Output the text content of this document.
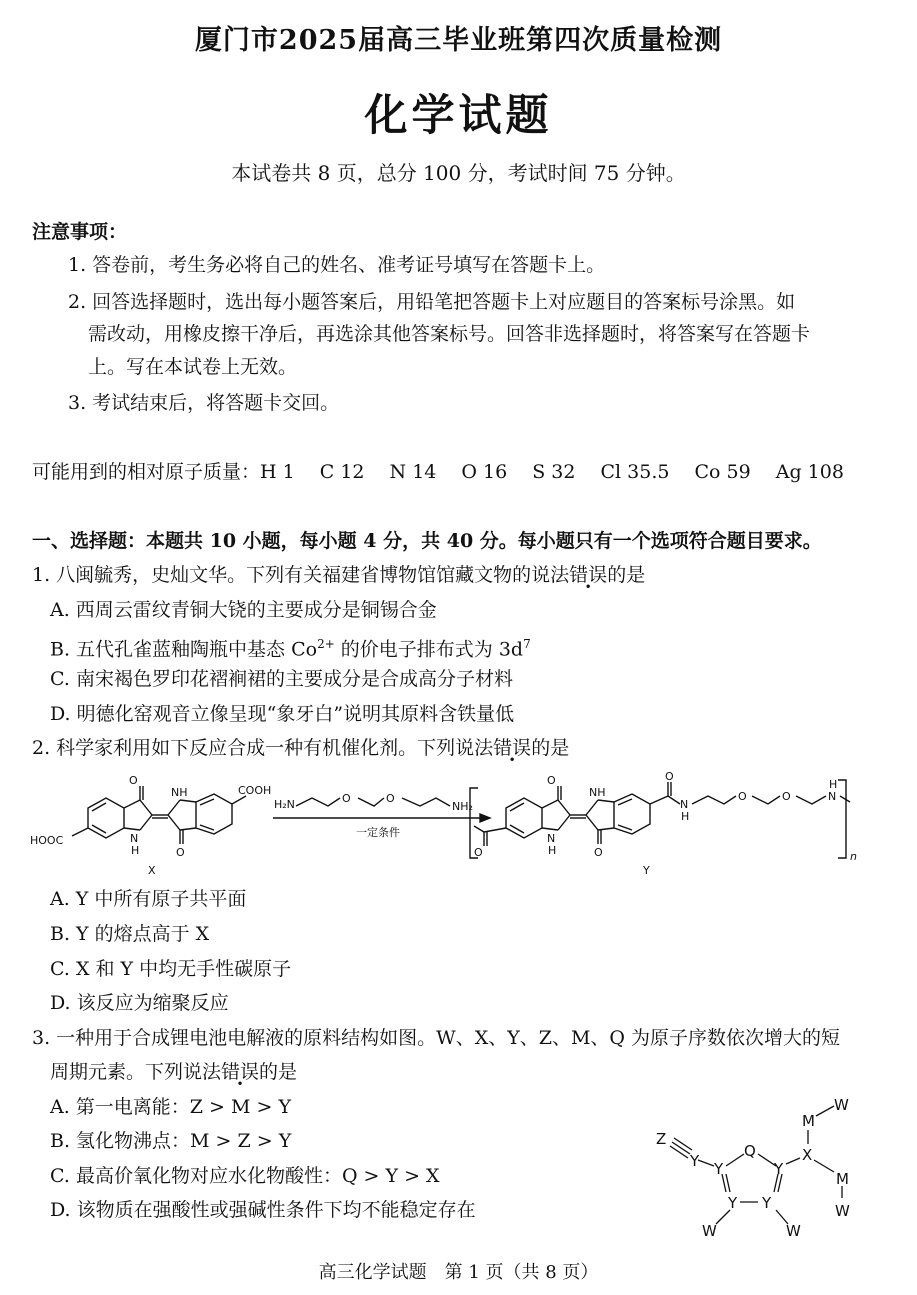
厦门市2025届高三毕业班第四次质量检测
化学试题
本试卷共 8 页，总分 100 分，考试时间 75 分钟。
注意事项：
1. 答卷前，考生务必将自己的姓名、准考证号填写在答题卡上。
2. 回答选择题时，选出每小题答案后，用铅笔把答题卡上对应题目的答案标号涂黑。如
需改动，用橡皮擦干净后，再选涂其他答案标号。回答非选择题时，将答案写在答题卡
上。写在本试卷上无效。
3. 考试结束后，将答题卡交回。
可能用到的相对原子质量：H 1　 C 12　 N 14　 O 16　 S 32　 Cl 35.5　 Co 59　 Ag 108
一、选择题：本题共 10 小题，每小题 4 分，共 40 分。每小题只有一个选项符合题目要求。
1. 八闽毓秀，史灿文华。下列有关福建省博物馆馆藏文物的说法错误的是
A. 西周云雷纹青铜大铙的主要成分是铜锡合金
B. 五代孔雀蓝釉陶瓶中基态 $Co^{2+}$ 的价电子排布式为 $3d^7$
C. 南宋褐色罗印花褶裥裙的主要成分是合成高分子材料
D. 明德化窑观音立像呈现“象牙白”说明其原料含铁量低
2. 科学家利用如下反应合成一种有机催化剂。下列说法错误的是
O
NH
N
H	O
COOH
HOOC
X
H₂N	O	O
NH₂
一定条件
O
O
NH
N
H	O
O
N
H
O	O	N
H
n
Y
A. Y 中所有原子共平面
B. Y 的熔点高于 X
C. X 和 Y 中均无手性碳原子
D. 该反应为缩聚反应
3. 一种用于合成锂电池电解液的原料结构如图。W、X、Y、Z、M、Q 为原子序数依次增大的短
周期元素。下列说法错误的是
A. 第一电离能：Z > M > Y
B. 氢化物沸点：M > Z > Y
C. 最高价氧化物对应水化物酸性：Q > Y > X
D. 该物质在强酸性或强碱性条件下均不能稳定存在
Z
Y Y
Q
Y
Y Y
W	W
X
M
W
M
W
高三化学试题　第 1 页（共 8 页）
